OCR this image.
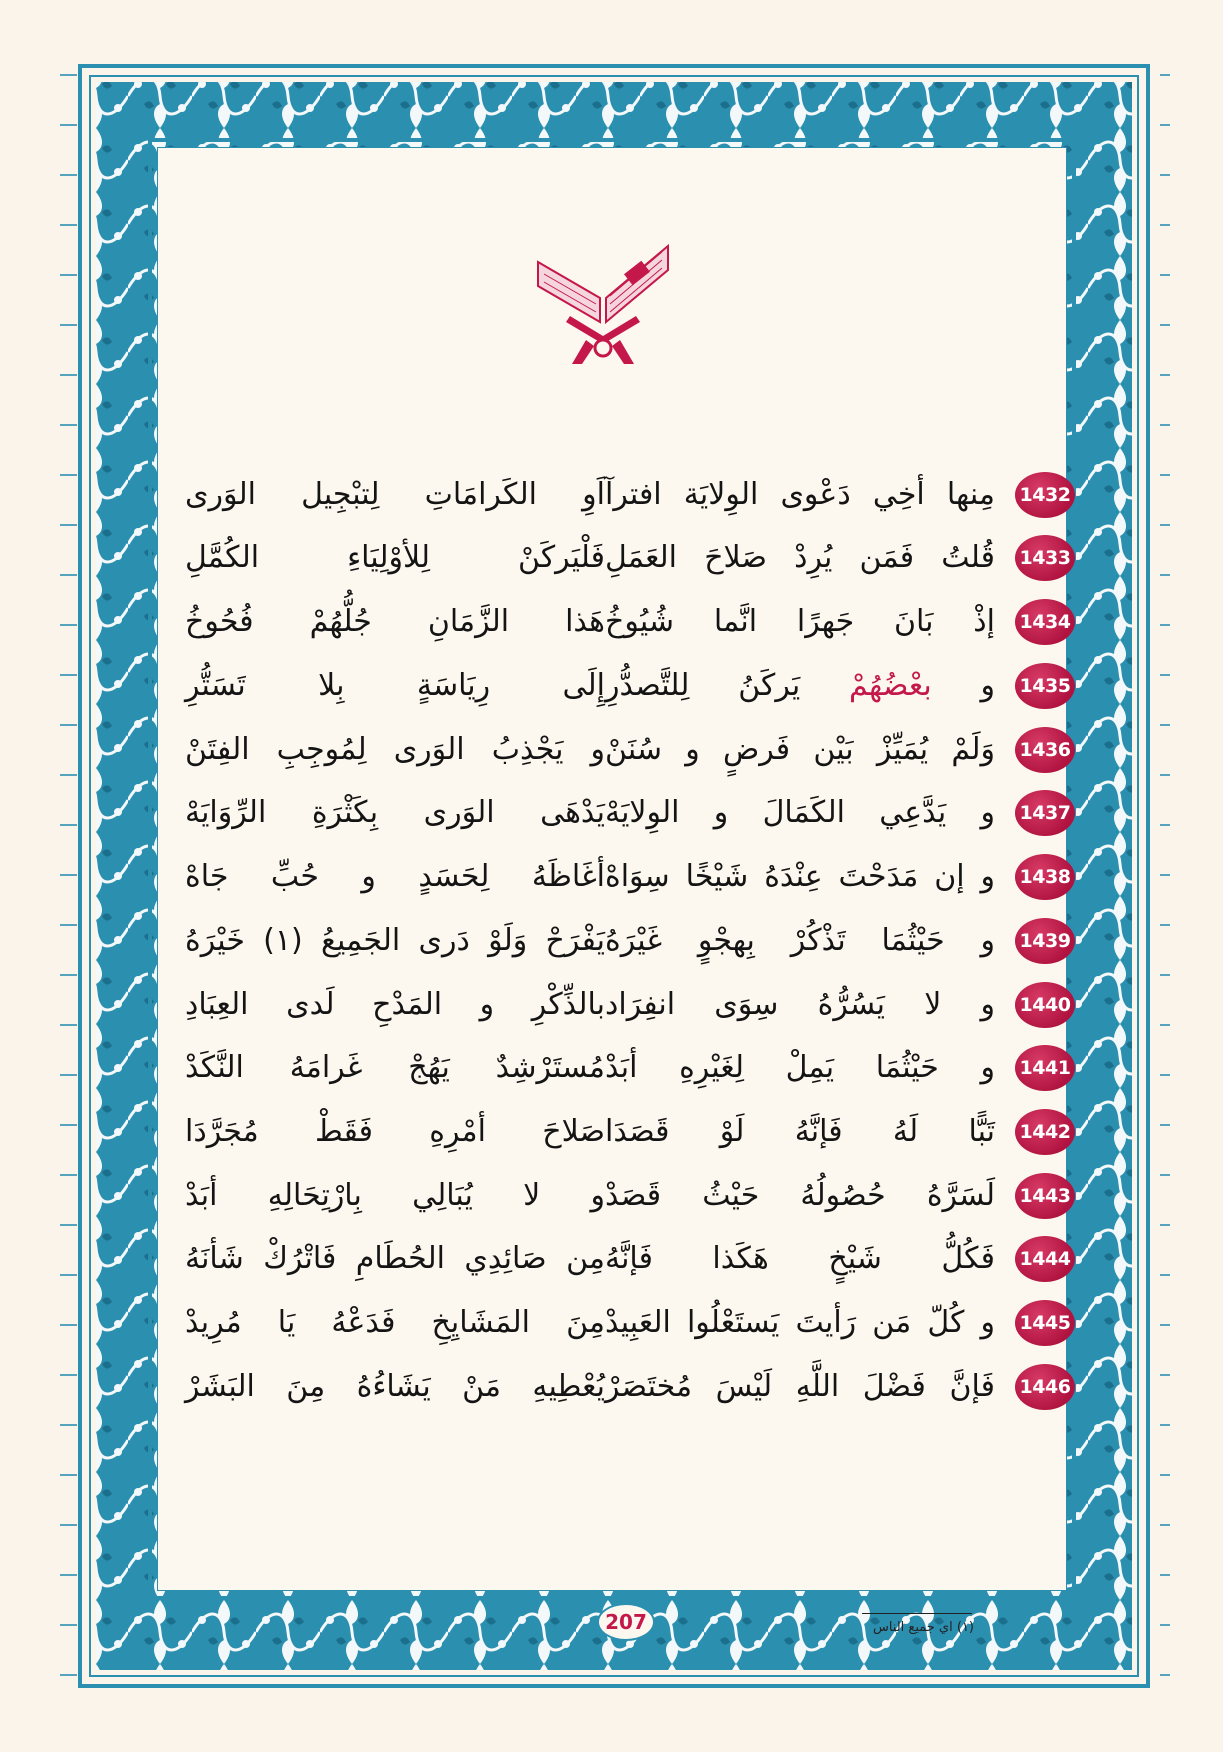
1432
مِنها أخِي دَعْوى الوِلايَة افترآ
اَوِ الكَرامَاتِ لِتبْجِيل الوَرى
1433
قُلتُ فَمَن يُرِدْ صَلاحَ العَمَلِ
فَلْيَركَنْ لِلأوْلِيَاءِ الكُمَّلِ
1434
إذْ بَانَ جَهرًا انَّما شُيُوخُ
هَذا الزَّمَانِ جُلُّهُمْ فُحُوخُ
1435
و بعْضُهُمْ يَركَنُ لِلتَّصدُّرِ
إِلَى رِيَاسَةٍ بِلا تَسَتُّرِ
1436
وَلَمْ يُمَيِّزْ بَيْن فَرضٍ و سُنَنْ
و يَجْذِبُ الوَرى لِمُوجِبِ الفِتَنْ
1437
و يَدَّعِي الكَمَالَ و الوِلايَهْ
يَدْهَى الوَرى بِكَثْرَةِ الرِّوَايَهْ
1438
و إن مَدَحْتَ عِنْدَهُ شَيْخًا سِوَاهْ
أغَاظَهُ لِحَسَدٍ و حُبِّ جَاهْ
1439
و حَيْثُمَا تَذْكُرْ بِهجْوٍ غَيْرَهُ
يَفْرَحْ وَلَوْ دَرى الجَمِيعُ (١) خَيْرَهُ
1440
و لا يَسُرُّهُ سِوَى انفِرَاد
بالذِّكْرِ و المَدْحِ لَدى العِبَادِ
1441
و حَيْثُمَا يَمِلْ لِغَيْرِهِ أبَدْ
مُستَرْشِدٌ يَهُجْ غَرامَهُ النَّكَدْ
1442
تَبًّا لَهُ فَإنَّهُ لَوْ قَصَدَا
صَلاحَ أمْرِهِ فَقَطْ مُجَرَّدَا
1443
لَسَرَّهُ حُصُولُهُ حَيْثُ قَصَدْ
و لا يُبَالِي بِارْتِحَالِهِ أبَدْ
1444
فَكُلُّ شَيْخٍ هَكَذا فَإنَّهُ
مِن صَائِدِي الحُطَامِ فَاتْرُكْ شَأنَهُ
1445
و كُلّ مَن رَأيتَ يَستَعْلُوا العَبِيدْ
مِنَ المَشَايِخِ فَدَعْهُ يَا مُرِيدْ
1446
فَإنَّ فَضْلَ اللَّهِ لَيْسَ مُختَصَرْ
يُعْطِيهِ مَنْ يَشَاءُهُ مِنَ البَشَرْ
(١) اي جميع الناس
207
